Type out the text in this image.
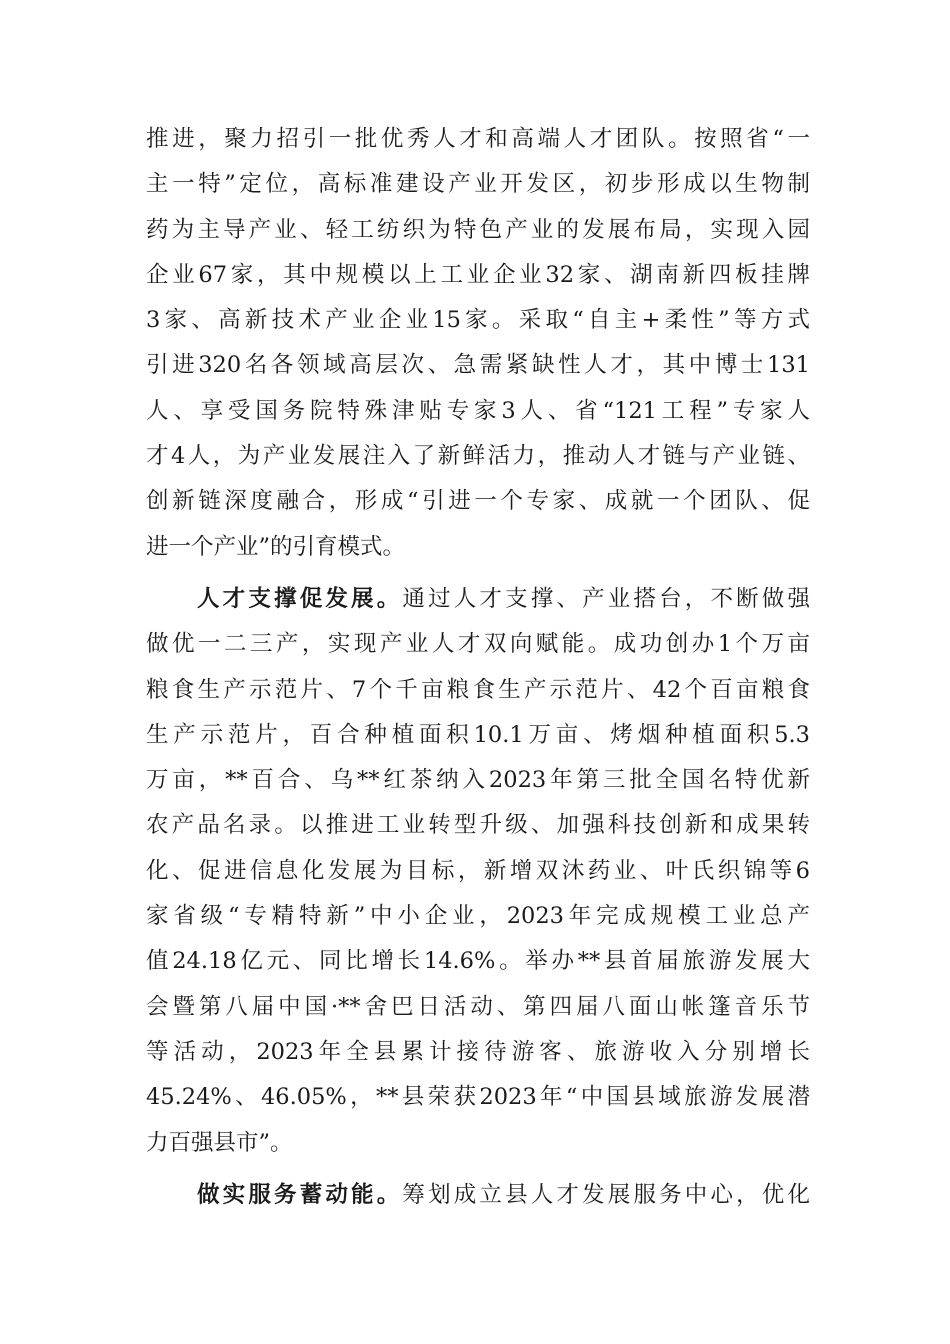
推进，聚力招引一批优秀人才和高端人才团队。按照省“一
主一特”定位，高标准建设产业开发区，初步形成以生物制
药为主导产业、轻工纺织为特色产业的发展布局，实现入园
企业67家，其中规模以上工业企业32家、湖南新四板挂牌
3家、高新技术产业企业15家。采取“自主+柔性”等方式
引进320名各领域高层次、急需紧缺性人才，其中博士131
人、享受国务院特殊津贴专家3人、省“121工程”专家人
才4人，为产业发展注入了新鲜活力，推动人才链与产业链、
创新链深度融合，形成“引进一个专家、成就一个团队、促
进一个产业”的引育模式。
人才支撑促发展。通过人才支撑、产业搭台，不断做强
做优一二三产，实现产业人才双向赋能。成功创办1个万亩
粮食生产示范片、7个千亩粮食生产示范片、42个百亩粮食
生产示范片，百合种植面积10.1万亩、烤烟种植面积5.3
万亩，**百合、乌**红茶纳入2023年第三批全国名特优新
农产品名录。以推进工业转型升级、加强科技创新和成果转
化、促进信息化发展为目标，新增双沐药业、叶氏织锦等6
家省级“专精特新”中小企业，2023年完成规模工业总产
值24.18亿元、同比增长14.6%。举办**县首届旅游发展大
会暨第八届中国·**舍巴日活动、第四届八面山帐篷音乐节
等活动，2023年全县累计接待游客、旅游收入分别增长
45.24%、46.05%，**县荣获2023年“中国县域旅游发展潜
力百强县市”。
做实服务蓄动能。筹划成立县人才发展服务中心，优化
